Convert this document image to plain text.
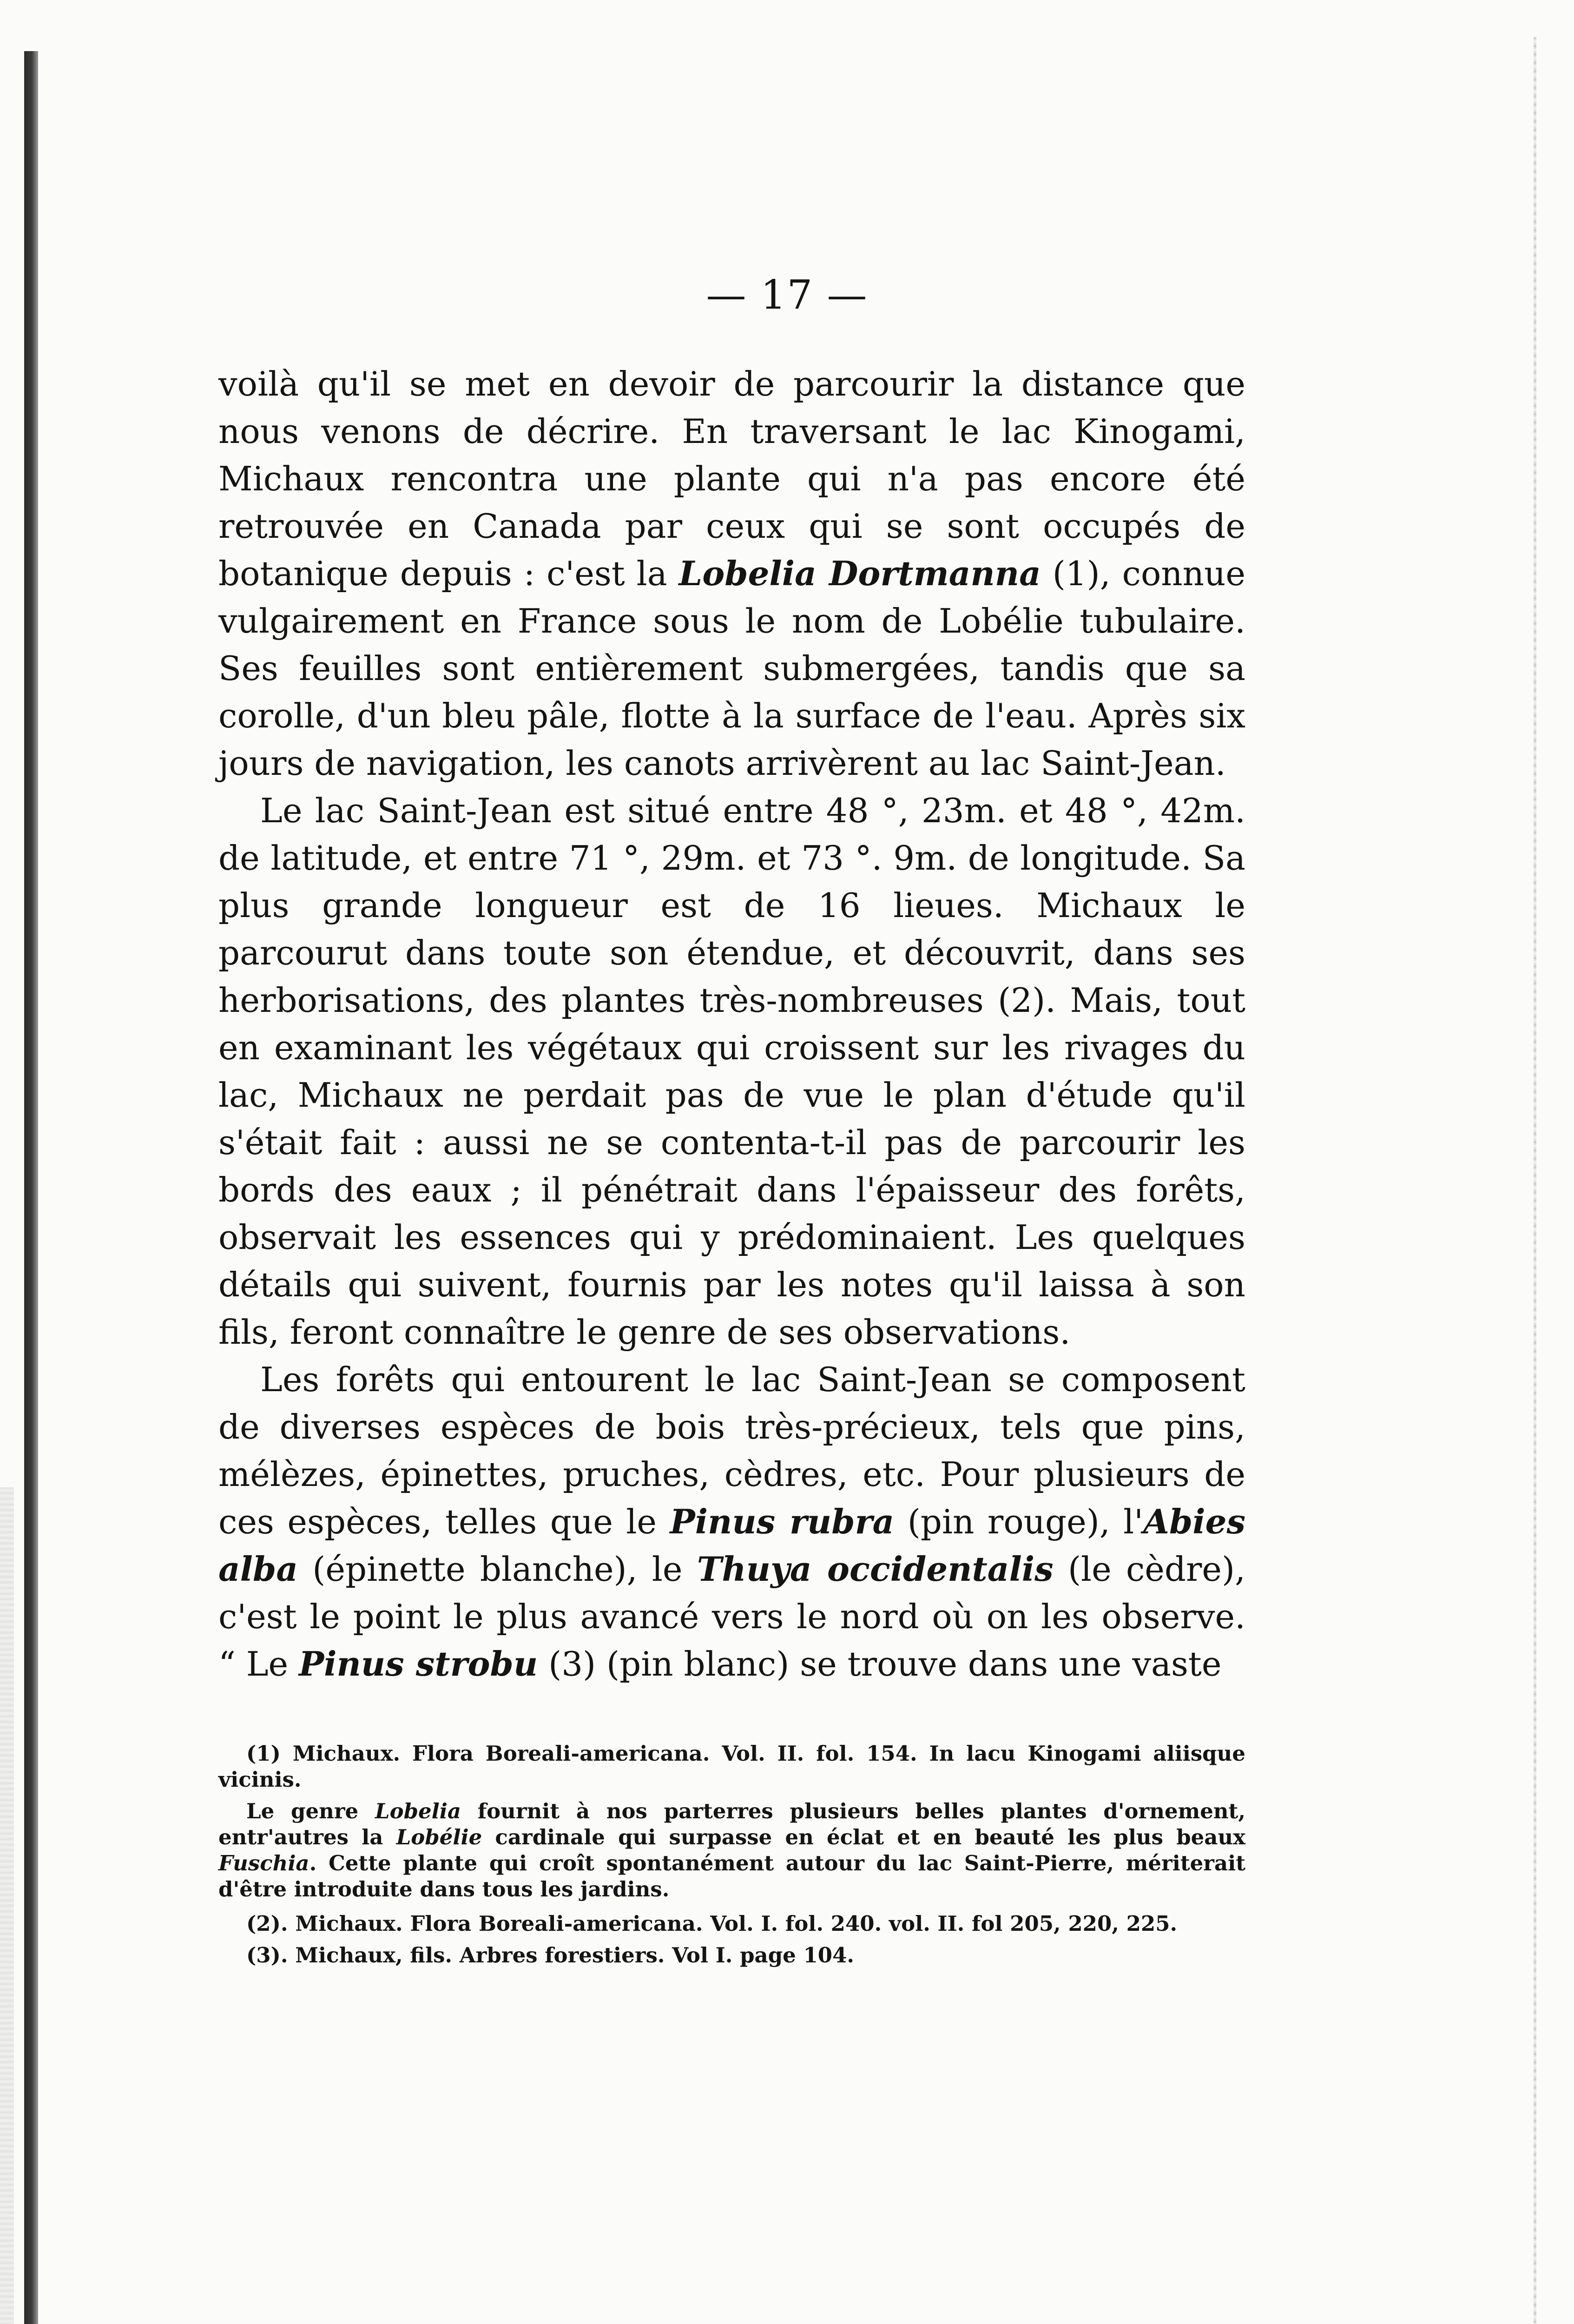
— 17 —

voilà qu'il se met en devoir de parcourir la distance que nous venons de décrire. En traversant le lac Kinogami, Michaux rencontra une plante qui n'a pas encore été retrouvée en Canada par ceux qui se sont occupés de botanique depuis : c'est la Lobelia Dortmanna (1), connue vulgairement en France sous le nom de Lobélie tubulaire. Ses feuilles sont entièrement submergées, tandis que sa corolle, d'un bleu pâle, flotte à la surface de l'eau. Après six jours de navigation, les canots arrivèrent au lac Saint-Jean.

Le lac Saint-Jean est situé entre 48 °, 23m. et 48 °, 42m. de latitude, et entre 71 °, 29m. et 73 °. 9m. de longitude. Sa plus grande longueur est de 16 lieues. Michaux le parcourut dans toute son étendue, et découvrit, dans ses herborisations, des plantes très-nombreuses (2). Mais, tout en examinant les végétaux qui croissent sur les rivages du lac, Michaux ne perdait pas de vue le plan d'étude qu'il s'était fait : aussi ne se contenta-t-il pas de parcourir les bords des eaux ; il pénétrait dans l'épaisseur des forêts, observait les essences qui y prédominaient. Les quelques détails qui suivent, fournis par les notes qu'il laissa à son fils, feront connaître le genre de ses observations.

Les forêts qui entourent le lac Saint-Jean se composent de diverses espèces de bois très-précieux, tels que pins, mélèzes, épinettes, pruches, cèdres, etc. Pour plusieurs de ces espèces, telles que le Pinus rubra (pin rouge), l'Abies alba (épinette blanche), le Thuya occidentalis (le cèdre), c'est le point le plus avancé vers le nord où on les observe. “ Le Pinus strobu (3) (pin blanc) se trouve dans une vaste

(1) Michaux. Flora Boreali-americana. Vol. II. fol. 154. In lacu Kinogami aliisque vicinis.

Le genre Lobelia fournit à nos parterres plusieurs belles plantes d'ornement, entr'autres la Lobélie cardinale qui surpasse en éclat et en beauté les plus beaux Fuschia. Cette plante qui croît spontanément autour du lac Saint-Pierre, mériterait d'être introduite dans tous les jardins.

(2). Michaux. Flora Boreali-americana. Vol. I. fol. 240. vol. II. fol 205, 220, 225.

(3). Michaux, fils. Arbres forestiers. Vol I. page 104.
